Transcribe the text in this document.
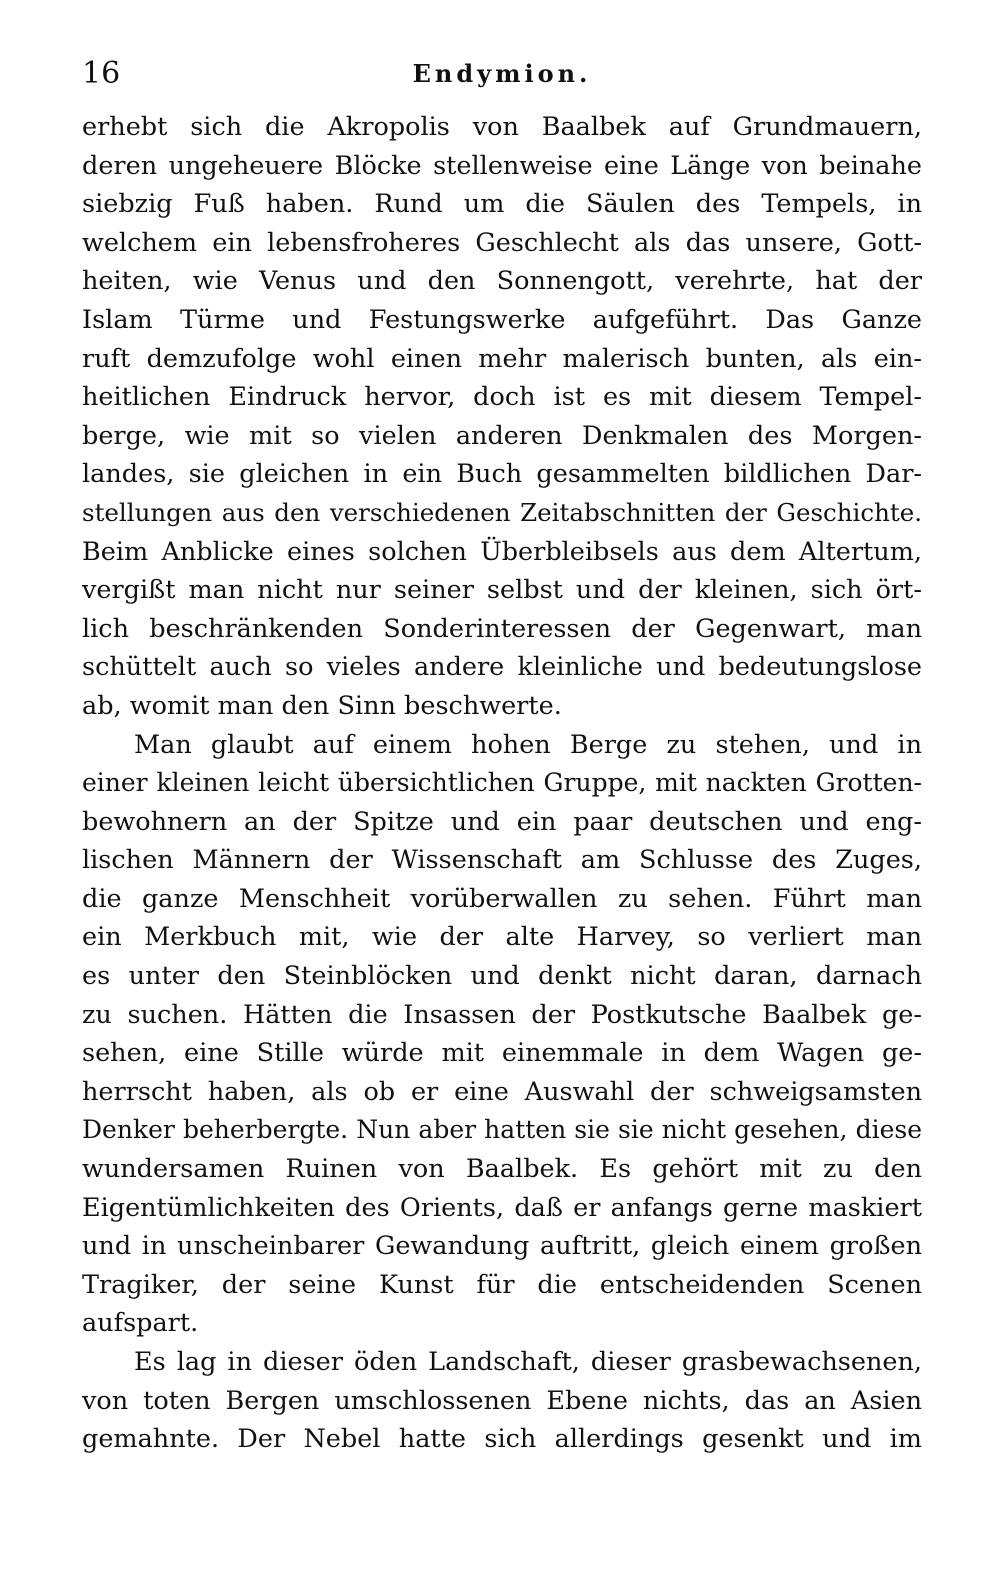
16	Endymion.
erhebt sich die Akropolis von Baalbek auf Grundmauern,
deren ungeheuere Blöcke stellenweise eine Länge von beinahe
siebzig Fuß haben. Rund um die Säulen des Tempels, in
welchem ein lebensfroheres Geschlecht als das unsere, Gott-
heiten, wie Venus und den Sonnengott, verehrte, hat der
Islam Türme und Festungswerke aufgeführt. Das Ganze
ruft demzufolge wohl einen mehr malerisch bunten, als ein-
heitlichen Eindruck hervor, doch ist es mit diesem Tempel-
berge, wie mit so vielen anderen Denkmalen des Morgen-
landes, sie gleichen in ein Buch gesammelten bildlichen Dar-
stellungen aus den verschiedenen Zeitabschnitten der Geschichte.
Beim Anblicke eines solchen Überbleibsels aus dem Altertum,
vergißt man nicht nur seiner selbst und der kleinen, sich ört-
lich beschränkenden Sonderinteressen der Gegenwart, man
schüttelt auch so vieles andere kleinliche und bedeutungslose
ab, womit man den Sinn beschwerte.
Man glaubt auf einem hohen Berge zu stehen, und in
einer kleinen leicht übersichtlichen Gruppe, mit nackten Grotten-
bewohnern an der Spitze und ein paar deutschen und eng-
lischen Männern der Wissenschaft am Schlusse des Zuges,
die ganze Menschheit vorüberwallen zu sehen. Führt man
ein Merkbuch mit, wie der alte Harvey, so verliert man
es unter den Steinblöcken und denkt nicht daran, darnach
zu suchen. Hätten die Insassen der Postkutsche Baalbek ge-
sehen, eine Stille würde mit einemmale in dem Wagen ge-
herrscht haben, als ob er eine Auswahl der schweigsamsten
Denker beherbergte. Nun aber hatten sie sie nicht gesehen, diese
wundersamen Ruinen von Baalbek. Es gehört mit zu den
Eigentümlichkeiten des Orients, daß er anfangs gerne maskiert
und in unscheinbarer Gewandung auftritt, gleich einem großen
Tragiker, der seine Kunst für die entscheidenden Scenen
aufspart.
Es lag in dieser öden Landschaft, dieser grasbewachsenen,
von toten Bergen umschlossenen Ebene nichts, das an Asien
gemahnte. Der Nebel hatte sich allerdings gesenkt und im
